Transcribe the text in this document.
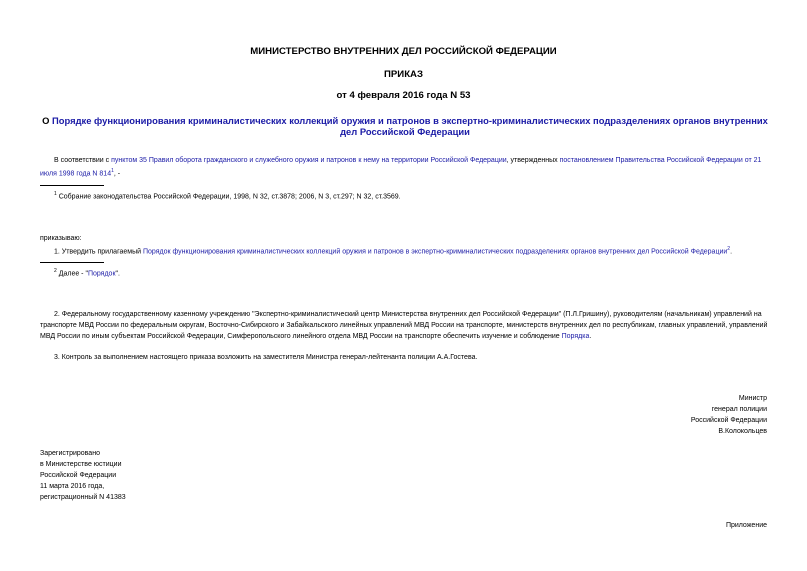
МИНИСТЕРСТВО ВНУТРЕННИХ ДЕЛ РОССИЙСКОЙ ФЕДЕРАЦИИ
ПРИКАЗ
от 4 февраля 2016 года N 53
О Порядке функционирования криминалистических коллекций оружия и патронов в экспертно-криминалистических подразделениях органов внутренних дел Российской Федерации
В соответствии с пунктом 35 Правил оборота гражданского и служебного оружия и патронов к нему на территории Российской Федерации, утвержденных постановлением Правительства Российской Федерации от 21 июля 1998 года N $814^1$, -
$^1$ Собрание законодательства Российской Федерации, 1998, N 32, ст.3878; 2006, N 3, ст.297; N 32, ст.3569.
приказываю:
1. Утвердить прилагаемый Порядок функционирования криминалистических коллекций оружия и патронов в экспертно-криминалистических подразделениях органов внутренних дел Российской Федерации$^2$.
$^2$ Далее - "Порядок".
2. Федеральному государственному казенному учреждению "Экспертно-криминалистический центр Министерства внутренних дел Российской Федерации" (П.Л.Гришину), руководителям (начальникам) управлений на транспорте МВД России по федеральным округам, Восточно-Сибирского и Забайкальского линейных управлений МВД России на транспорте, министерств внутренних дел по республикам, главных управлений, управлений МВД России по иным субъектам Российской Федерации, Симферопольского линейного отдела МВД России на транспорте обеспечить изучение и соблюдение Порядка.
3. Контроль за выполнением настоящего приказа возложить на заместителя Министра генерал-лейтенанта полиции А.А.Гостева.
Министр
генерал полиции
Российской Федерации
В.Колокольцев
Зарегистрировано
в Министерстве юстиции
Российской Федерации
11 марта 2016 года,
регистрационный N 41383
Приложение
